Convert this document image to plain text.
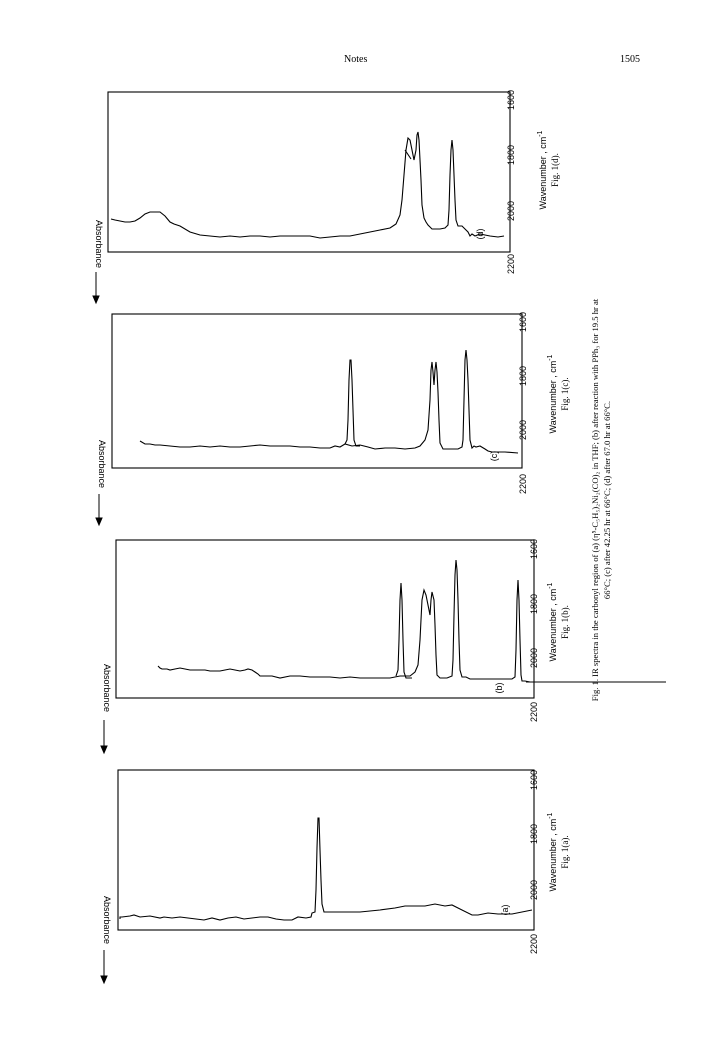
Notes	1505
2200
2000
1800
1600
(a)
Wavenumber , $cm^{-1}$
Fig. 1(a).
Absorbance
2200
2000
1800
1600
(b)
Wavenumber , $cm^{-1}$
Fig. 1(b).
Absorbance
2200
2000
1800
1600
(c)
Wavenumber , $cm^{-1}$
Fig. 1(c).
Absorbance
2200
2000
1800
1600
(d)
Wavenumber , $cm^{-1}$
Fig. 1(d).
Absorbance
Fig. 1. IR spectra in the carbonyl region of (a) (η⁵-C₅H₅)₂Ni₂(CO)₂ in THF; (b) after reaction with PPh₃ for 19.5 hr at 66°C; (c) after 42.25 hr at 66°C; (d) after 67.0 hr at 66°C.
